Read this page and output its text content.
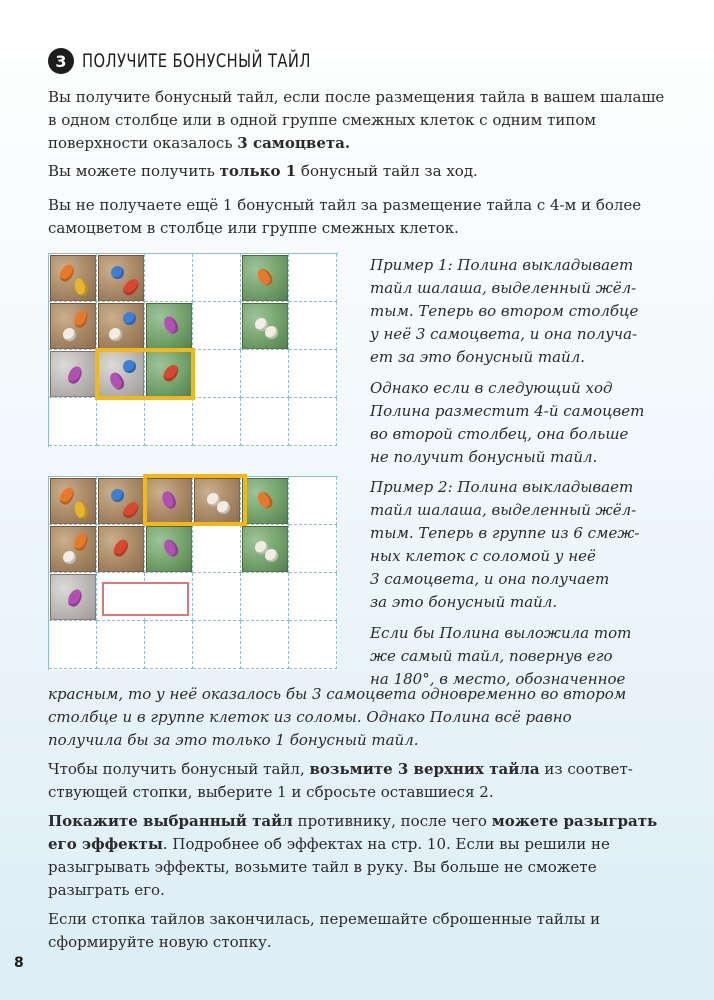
3 ПОЛУЧИТЕ БОНУСНЫЙ ТАЙЛ

Вы получите бонусный тайл, если после размещения тайла в вашем шалаше в одном столбце или в одной группе смежных клеток с одним типом поверхности оказалось 3 самоцвета.

Вы можете получить только 1 бонусный тайл за ход.

Вы не получаете ещё 1 бонусный тайл за размещение тайла с 4-м и более самоцветом в столбце или группе смежных клеток.

Пример 1: Полина выкладывает
тайл шалаша, выделенный жёл-
тым. Теперь во втором столбце
у неё 3 самоцвета, и она получа-
ет за это бонусный тайл.
Однако если в следующий ход
Полина разместит 4-й самоцвет
во второй столбец, она больше
не получит бонусный тайл.
Пример 2: Полина выкладывает
тайл шалаша, выделенный жёл-
тым. Теперь в группе из 6 смеж-
ных клеток с соломой у неё
3 самоцвета, и она получает
за это бонусный тайл.
Если бы Полина выложила тот
же самый тайл, повернув его
на 180°, в место, обозначенное
красным, то у неё оказалось бы 3 самоцвета одновременно во втором
столбце и в группе клеток из соломы. Однако Полина всё равно
получила бы за это только 1 бонусный тайл.

Чтобы получить бонусный тайл, возьмите 3 верхних тайла из соответ-ствующей стопки, выберите 1 и сбросьте оставшиеся 2.

Покажите выбранный тайл противнику, после чего можете разыграть его эффекты. Подробнее об эффектах на стр. 10. Если вы решили не разыгрывать эффекты, возьмите тайл в руку. Вы больше не сможете разыграть его.

Если стопка тайлов закончилась, перемешайте сброшенные тайлы и сформируйте новую стопку.

8
